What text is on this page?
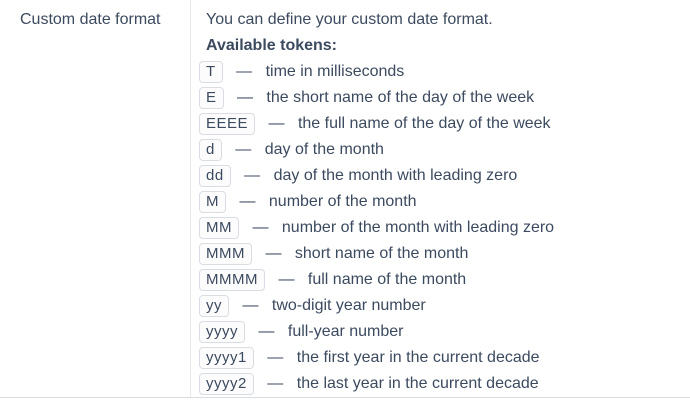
Custom date format	You can define your custom date format.

Available tokens:

T — time in milliseconds
E — the short name of the day of the week
EEEE — the full name of the day of the week
d — day of the month
dd — day of the month with leading zero
M — number of the month
MM — number of the month with leading zero
MMM — short name of the month
MMMM — full name of the month
yy — two-digit year number
yyyy — full-year number
yyyy1 — the first year in the current decade
yyyy2 — the last year in the current decade
